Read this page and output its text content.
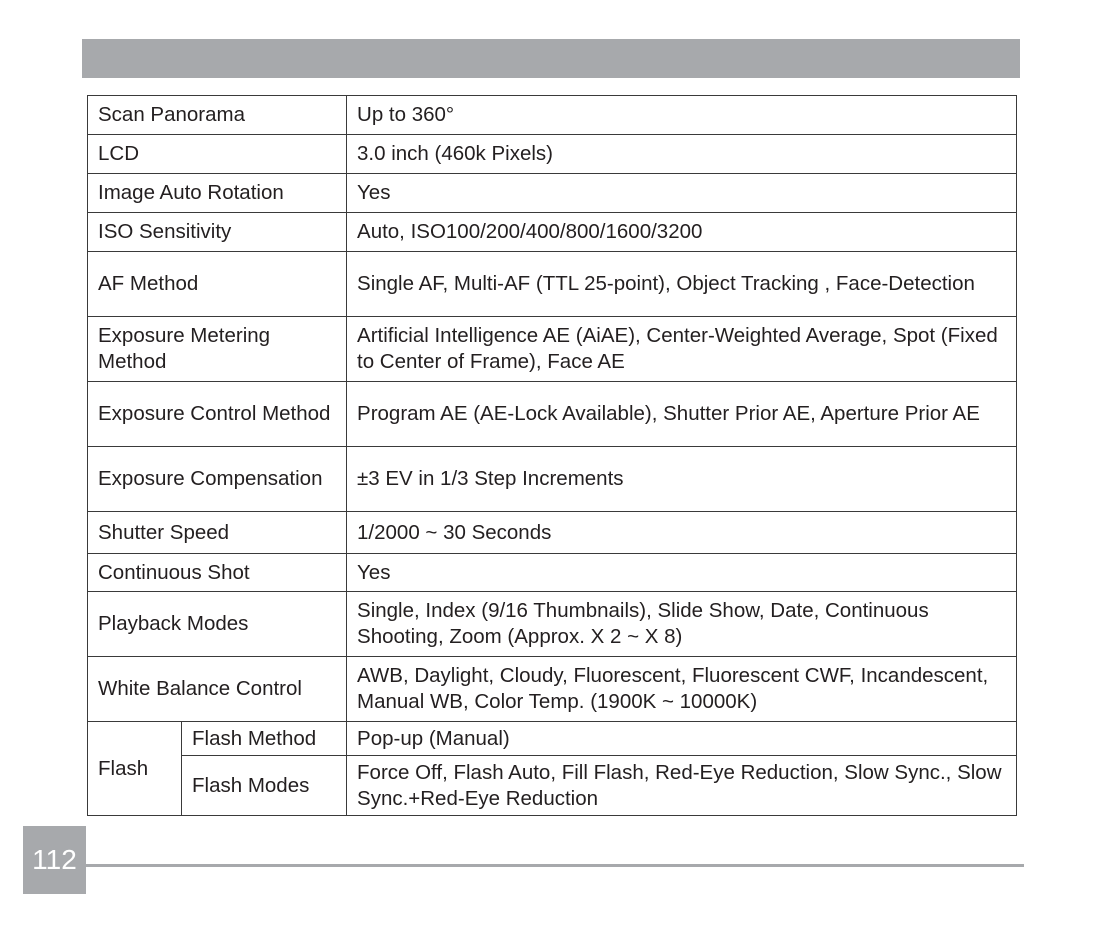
Scan Panorama		Up to 360°
LCD		3.0 inch (460k Pixels)
Image Auto Rotation		Yes
ISO Sensitivity		Auto, ISO100/200/400/800/1600/3200
AF Method		Single AF, Multi-AF (TTL 25-point), Object Tracking , Face-Detection
Exposure Metering Method		Artificial Intelligence AE (AiAE), Center-Weighted Average, Spot (Fixed to Center of Frame), Face AE
Exposure Control Method		Program AE (AE-Lock Available), Shutter Prior AE, Aperture Prior AE
Exposure Compensation		±3 EV in 1/3 Step Increments
Shutter Speed		1/2000 ~ 30 Seconds
Continuous Shot		Yes
Playback Modes		Single, Index (9/16 Thumbnails), Slide Show, Date, Continuous Shooting, Zoom (Approx. X 2 ~ X 8)
White Balance Control		AWB, Daylight, Cloudy, Fluorescent, Fluorescent CWF, Incandescent, Manual WB, Color Temp. (1900K ~ 10000K)
Flash	Flash Method	Pop-up (Manual)
	Flash Modes	Force Off, Flash Auto, Fill Flash, Red-Eye Reduction, Slow Sync., Slow Sync.+Red-Eye Reduction
112
